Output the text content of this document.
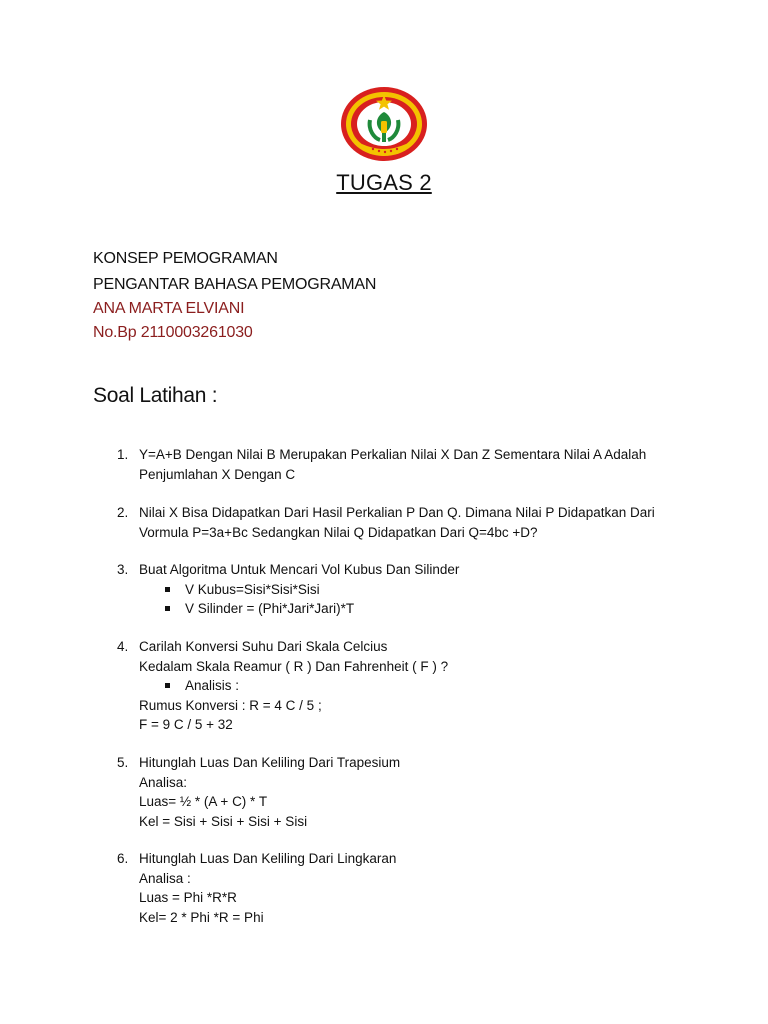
TUGAS 2
KONSEP PEMOGRAMAN
PENGANTAR BAHASA PEMOGRAMAN
ANA MARTA ELVIANI
No.Bp 2110003261030
Soal Latihan :
1. Y=A+B Dengan Nilai B Merupakan Perkalian Nilai X Dan Z Sementara Nilai A Adalah
Penjumlahan X Dengan C
2. Nilai X Bisa Didapatkan Dari Hasil Perkalian P Dan Q. Dimana Nilai P Didapatkan Dari
Vormula P=3a+Bc Sedangkan Nilai Q Didapatkan Dari Q=4bc +D?
3. Buat Algoritma Untuk Mencari Vol Kubus Dan Silinder
V Kubus=Sisi*Sisi*Sisi
V Silinder = (Phi*Jari*Jari)*T
4. Carilah Konversi Suhu Dari Skala Celcius
Kedalam Skala Reamur ( R ) Dan Fahrenheit ( F ) ?
Analisis :
Rumus Konversi : R = 4 C / 5 ;
F = 9 C / 5 + 32
5. Hitunglah Luas Dan Keliling Dari Trapesium
Analisa:
Luas= ½ * (A + C) * T
Kel = Sisi + Sisi + Sisi + Sisi
6. Hitunglah Luas Dan Keliling Dari Lingkaran
Analisa :
Luas = Phi *R*R
Kel= 2 * Phi *R = Phi
